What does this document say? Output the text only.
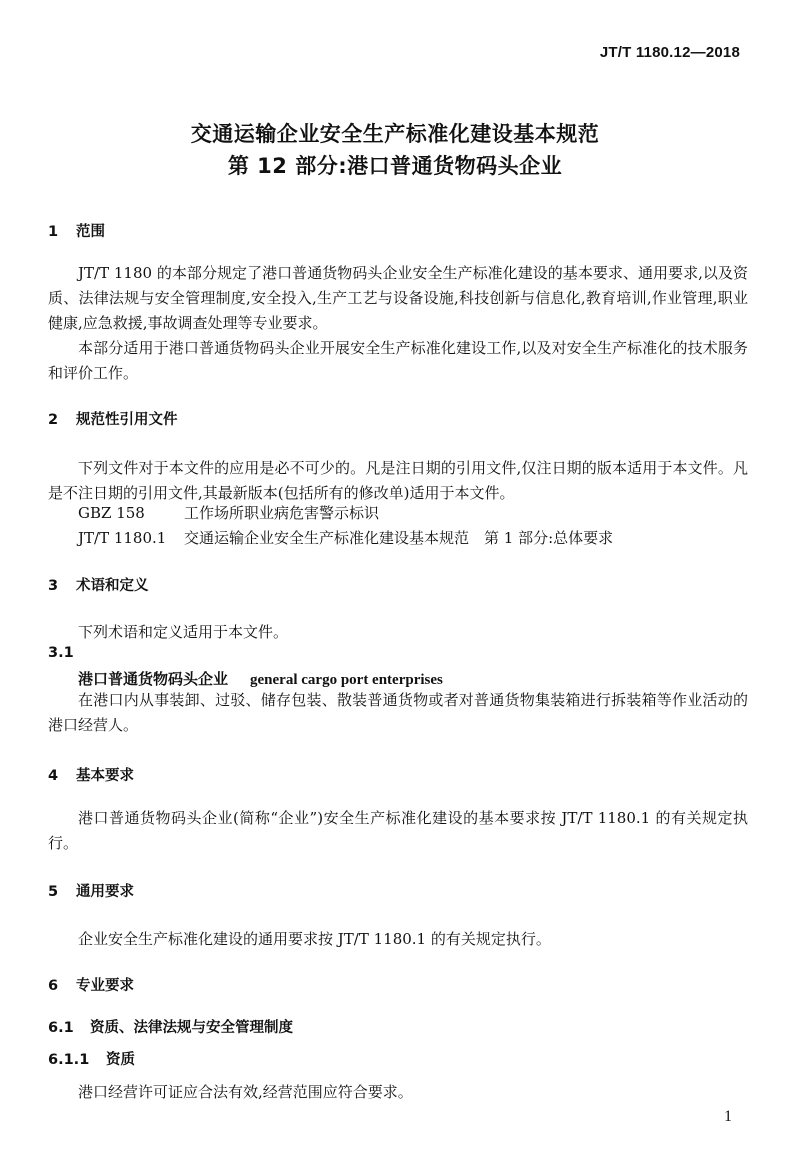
JT/T 1180.12—2018
交通运输企业安全生产标准化建设基本规范
第 12 部分:港口普通货物码头企业
1 范围

JT/T 1180 的本部分规定了港口普通货物码头企业安全生产标准化建设的基本要求、通用要求,以及资质、法律法规与安全管理制度,安全投入,生产工艺与设备设施,科技创新与信息化,教育培训,作业管理,职业健康,应急救援,事故调查处理等专业要求。

本部分适用于港口普通货物码头企业开展安全生产标准化建设工作,以及对安全生产标准化的技术服务和评价工作。

2 规范性引用文件

下列文件对于本文件的应用是必不可少的。凡是注日期的引用文件,仅注日期的版本适用于本文件。凡是不注日期的引用文件,其最新版本(包括所有的修改单)适用于本文件。

GBZ 158	工作场所职业病危害警示标识
JT/T 1180.1 交通运输企业安全生产标准化建设基本规范　第 1 部分:总体要求
3 术语和定义

下列术语和定义适用于本文件。

3.1
港口普通货物码头企业 general cargo port enterprises

在港口内从事装卸、过驳、储存包装、散装普通货物或者对普通货物集装箱进行拆装箱等作业活动的港口经营人。

4 基本要求

港口普通货物码头企业(简称“企业”)安全生产标准化建设的基本要求按 JT/T 1180.1 的有关规定执行。

5 通用要求

企业安全生产标准化建设的通用要求按 JT/T 1180.1 的有关规定执行。

6 专业要求
6.1 资质、法律法规与安全管理制度
6.1.1 资质

港口经营许可证应合法有效,经营范围应符合要求。

1
